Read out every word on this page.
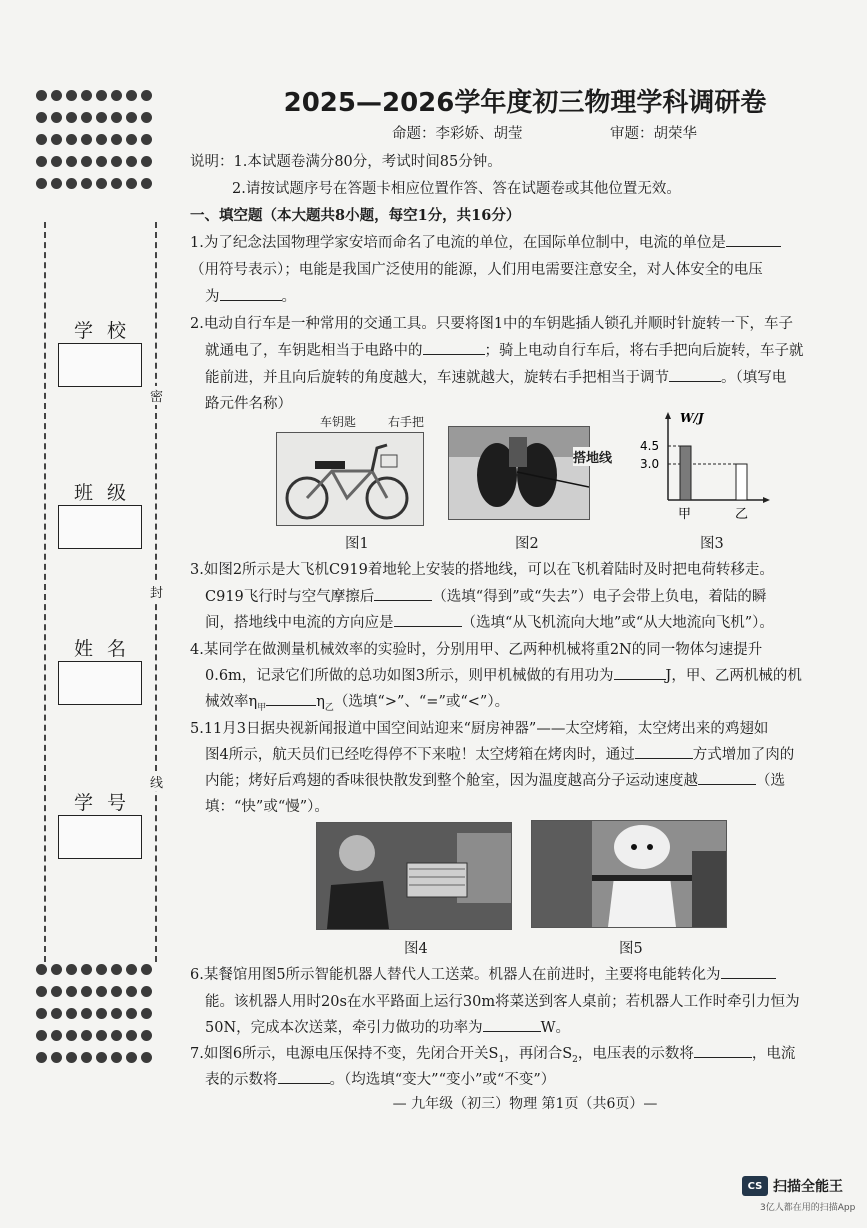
学校
班级
姓名
学号
密
封
线
2025—2026学年度初三物理学科调研卷
命题：李彩娇、胡莹	审题：胡荣华
说明：1.本试题卷满分80分，考试时间85分钟。
2.请按试题序号在答题卡相应位置作答、答在试题卷或其他位置无效。
一、填空题（本大题共8小题，每空1分，共16分）
1.为了纪念法国物理学家安培而命名了电流的单位，在国际单位制中，电流的单位是
（用符号表示）；电能是我国广泛使用的能源，人们用电需要注意安全，对人体安全的电压
为	。
2.电动自行车是一种常用的交通工具。只要将图1中的车钥匙插人锁孔并顺时针旋转一下，车子
就通电了，车钥匙相当于电路中的	；骑上电动自行车后，将右手把向后旋转，车子就
能前进，并且向后旋转的角度越大，车速就越大，旋转右手把相当于调节	。（填写电
路元件名称）
车钥匙	右手把
图1
搭地线
图2
W/J
4.5
3.0
甲	乙
图3
3.如图2所示是大飞机C919着地轮上安装的搭地线，可以在飞机着陆时及时把电荷转移走。
C919飞行时与空气摩擦后	（选填“得到”或“失去”）电子会带上负电，着陆的瞬
间，搭地线中电流的方向应是	（选填“从飞机流向大地”或“从大地流向飞机”）。
4.某同学在做测量机械效率的实验时，分别用甲、乙两种机械将重2N的同一物体匀速提升
0.6m，记录它们所做的总功如图3所示，则甲机械做的有用功为	J，甲、乙两机械的机
械效率$\eta_甲$	$\eta_乙$（选填“>”、“=”或“<”）。
5.11月3日据央视新闻报道中国空间站迎来“厨房神器”——太空烤箱，太空烤出来的鸡翅如
图4所示，航天员们已经吃得停不下来啦！太空烤箱在烤肉时，通过	方式增加了肉的
内能；烤好后鸡翅的香味很快散发到整个舱室，因为温度越高分子运动速度越	（选
填：“快”或“慢”）。
图4	图5
6.某餐馆用图5所示智能机器人替代人工送菜。机器人在前进时，主要将电能转化为
能。该机器人用时20s在水平路面上运行30m将菜送到客人桌前；若机器人工作时牵引力恒为
50N，完成本次送菜，牵引力做功的功率为	W。
7.如图6所示，电源电压保持不变，先闭合开关$S_1$，再闭合$S_2$，电压表的示数将	，电流
表的示数将	。（均选填“变大”“变小”或“不变”）
— 九年级（初三）物理 第1页（共6页）—
CS 扫描全能王
3亿人都在用的扫描App
